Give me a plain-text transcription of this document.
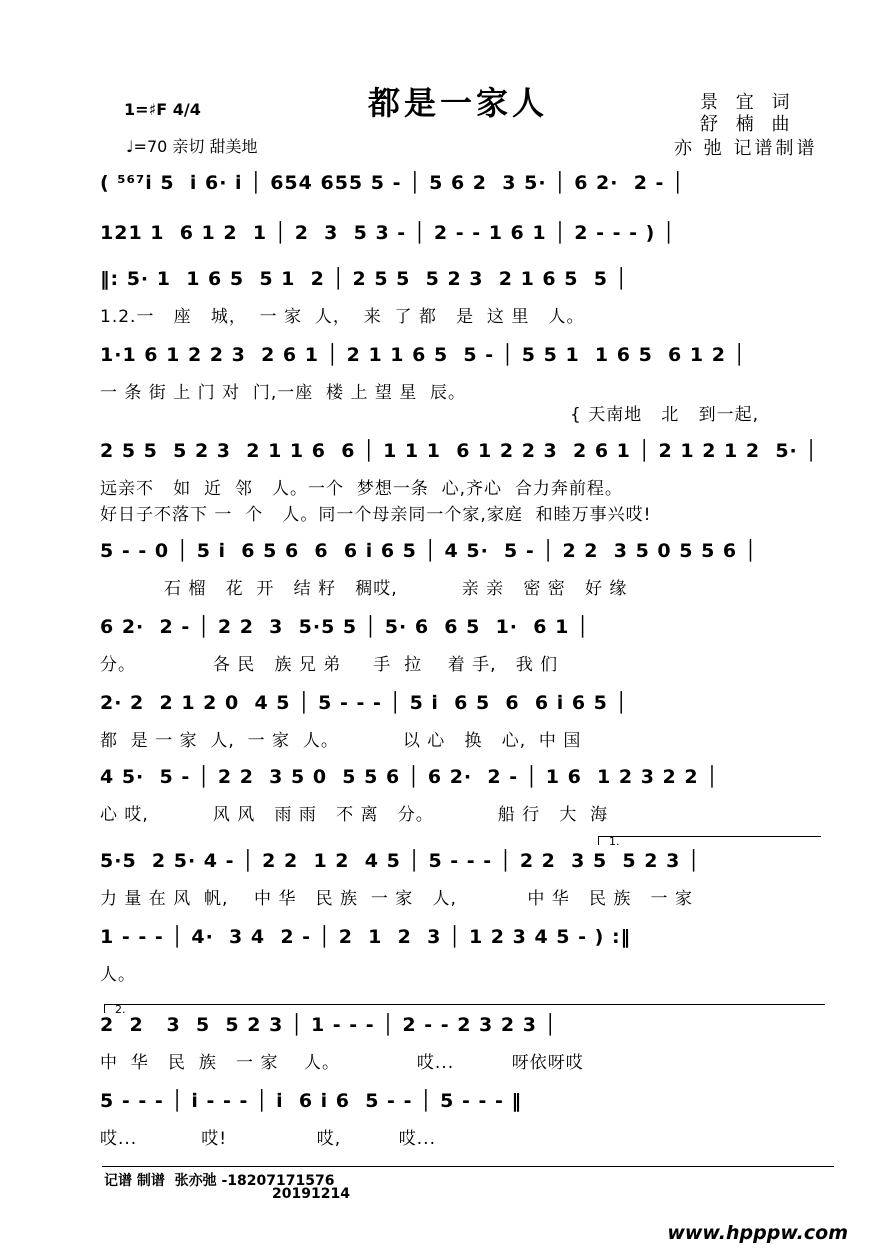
都是一家人	景 宜 词
舒 楠 曲
亦 弛 记谱制谱
1=♯F 4/4
♩=70 亲切 甜美地
( ⁵⁶⁷i̇ 5  i̇ 6· i̇ │ 654 655 5 - │ 5 6 2  3 5· │ 6 2·  2 - │
121 1  6 1 2  1 │ 2  3  5 3 - │ 2 - - 1 6 1 │ 2 - - - ) │
‖: 5· 1  1 6 5  5 1  2 │ 2 5 5  5 2 3  2 1 6 5  5 │
1.2.一   座   城，  一 家  人，  来  了 都   是  这 里   人。
1·1 6 1 2 2 3  2 6 1 │ 2 1 1 6 5  5 - │ 5 5 1  1 6 5  6 1 2 │
一 条 街 上 门 对  门,一座  楼 上 望 星  辰。
{ 天南地   北   到一起,
2 5 5  5 2 3  2 1 1 6  6 │ 1 1 1  6 1 2 2 3  2 6 1 │ 2 1 2 1 2  5· │
远亲不   如  近  邻   人。一个  梦想一条  心,齐心  合力奔前程。
好日子不落下 一  个   人。同一个母亲同一个家,家庭  和睦万事兴哎!
5 - - 0 │ 5 i̇  6 5 6  6  6 i̇ 6 5 │ 4 5·  5 - │ 2 2  3 5 0 5 5 6 │
石 榴   花  开   结 籽   稠哎,          亲 亲   密 密   好 缘
6 2·  2 - │ 2 2  3  5·5 5 │ 5· 6  6 5  1·  6 1 │
分。            各 民   族 兄 弟     手  拉    着 手,   我 们
2· 2  2 1 2 0  4 5 │ 5 - - - │ 5 i̇  6 5  6  6 i̇ 6 5 │
都  是 一 家  人,  一 家  人。          以 心   换   心,  中 国
4 5·  5 - │ 2 2  3 5 0  5 5 6 │ 6 2·  2 - │ 1 6  1 2 3 2 2 │
心 哎,          风 风   雨 雨   不 离   分。          船 行   大  海
5·5  2 5· 4 - │ 2 2  1 2  4 5 │ 5 - - - │ 2 2  3 5  5 2 3 │
力 量 在 风  帆,    中 华   民 族  一 家   人,           中 华   民 族   一 家
1 - - - │ 4·  3 4  2 - │ 2  1  2  3 │ 1 2 3 4 5 - ) :‖
人。
2  2   3  5  5 2 3 │ 1 - - - │ 2 - - 2 3 2 3 │
中  华   民  族   一 家    人。            哎...         呀依呀哎
5 - - - │ i̇ - - - │ i̇  6 i̇ 6  5 - - │ 5 - - - ‖
哎...          哎!              哎,         哎...
1.
2.
记谱 制谱  张亦弛 -18207171576
20191214
www.hpppw.com
